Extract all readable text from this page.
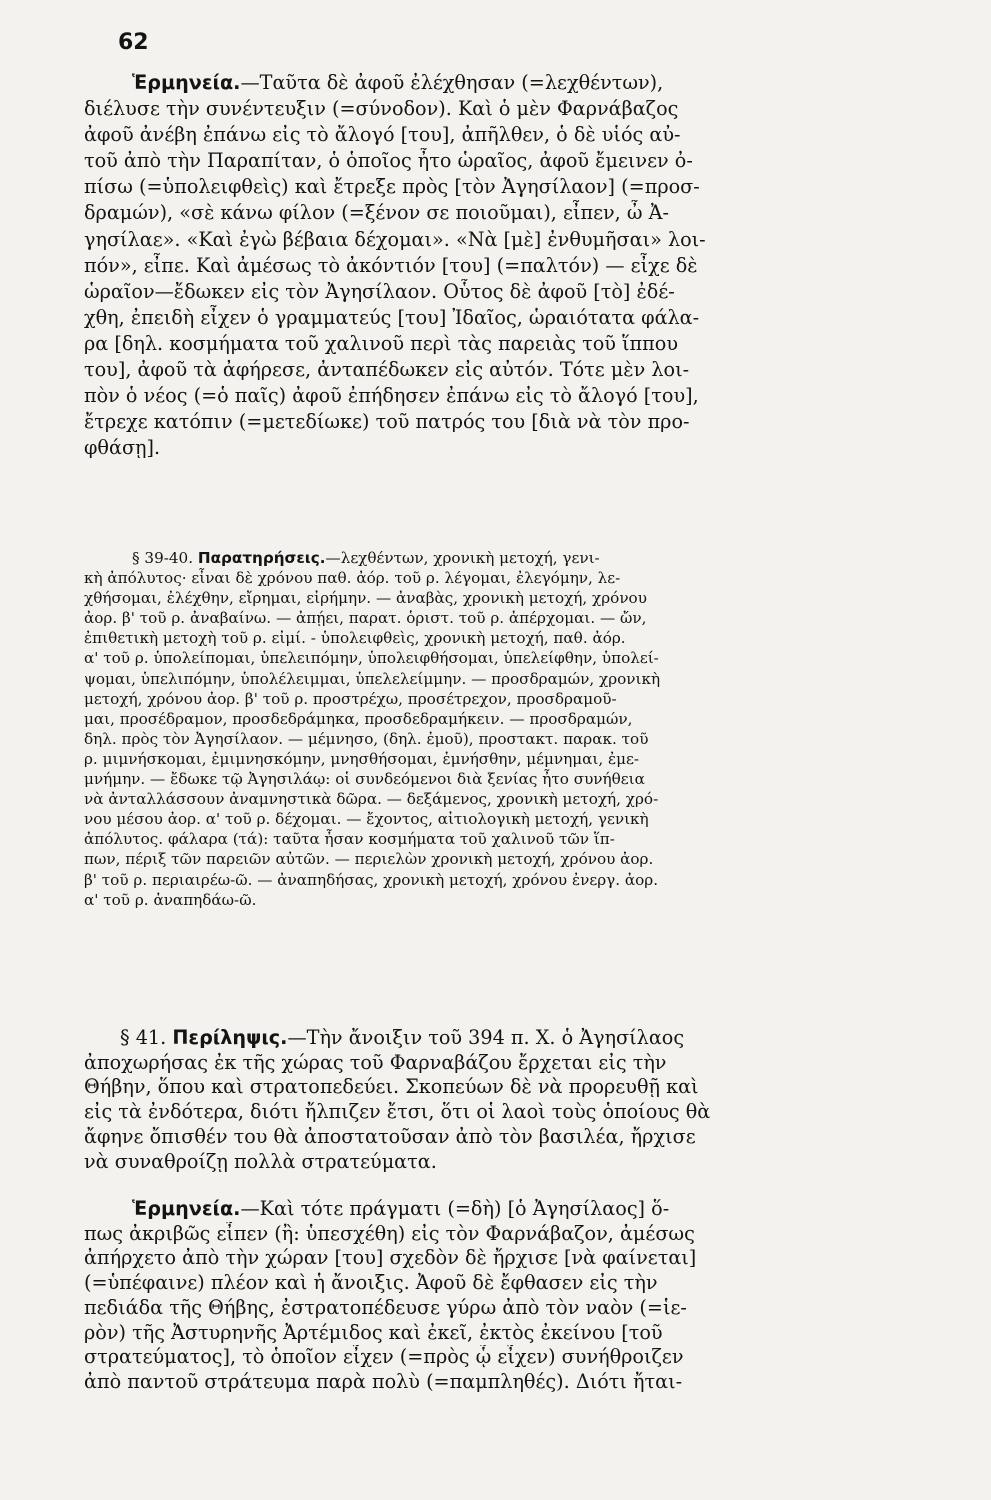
62
Ἑρμηνεία.—Ταῦτα δὲ ἀφοῦ ἐλέχθησαν (=λεχθέντων),
διέλυσε τὴν συνέντευξιν (=σύνοδον). Καὶ ὁ μὲν Φαρνάβαζος
ἀφοῦ ἀνέβη ἐπάνω εἰς τὸ ἄλογό [του], ἀπῆλθεν, ὁ δὲ υἱός αὐ-
τοῦ ἀπὸ τὴν Παραπίταν, ὁ ὁποῖος ἦτο ὡραῖος, ἀφοῦ ἔμεινεν ὀ-
πίσω (=ὑπολειφθεὶς) καὶ ἔτρεξε πρὸς [τὸν Ἀγησίλαον] (=προσ-
δραμών), «σὲ κάνω φίλον (=ξένον σε ποιοῦμαι), εἶπεν, ὦ Ἀ-
γησίλαε». «Καὶ ἐγὼ βέβαια δέχομαι». «Νὰ [μὲ] ἐνθυμῆσαι» λοι-
πόν», εἶπε. Καὶ ἀμέσως τὸ ἀκόντιόν [του] (=παλτόν) — εἶχε δὲ
ὡραῖον—ἔδωκεν εἰς τὸν Ἀγησίλαον. Οὗτος δὲ ἀφοῦ [τὸ] ἐδέ-
χθη, ἐπειδὴ εἶχεν ὁ γραμματεύς [του] Ἰδαῖος, ὡραιότατα φάλα-
ρα [δηλ. κοσμήματα τοῦ χαλινοῦ περὶ τὰς παρειὰς τοῦ ἵππου
του], ἀφοῦ τὰ ἀφήρεσε, ἀνταπέδωκεν εἰς αὐτόν. Τότε μὲν λοι-
πὸν ὁ νέος (=ὁ παῖς) ἀφοῦ ἐπήδησεν ἐπάνω εἰς τὸ ἄλογό [του],
ἔτρεχε κατόπιν (=μετεδίωκε) τοῦ πατρός του [διὰ νὰ τὸν προ-
φθάσῃ].
§ 39-40. Παρατηρήσεις.—λεχθέντων, χρονικὴ μετοχή, γενι-
κὴ ἀπόλυτος· εἶναι δὲ χρόνου παθ. ἀόρ. τοῦ ρ. λέγομαι, ἐλεγόμην, λε-
χθήσομαι, ἐλέχθην, εἴρημαι, εἰρήμην. — ἀναβὰς, χρονικὴ μετοχή, χρόνου
ἀορ. β' τοῦ ρ. ἀναβαίνω. — ἀπῄει, παρατ. ὁριστ. τοῦ ρ. ἀπέρχομαι. — ὤν,
ἐπιθετικὴ μετοχὴ τοῦ ρ. εἰμί. - ὑπολειφθεὶς, χρονικὴ μετοχή, παθ. ἀόρ.
α' τοῦ ρ. ὑπολείπομαι, ὑπελειπόμην, ὑπολειφθήσομαι, ὑπελείφθην, ὑπολεί-
ψομαι, ὑπελιπόμην, ὑπολέλειμμαι, ὑπελελείμμην. — προσδραμών, χρονικὴ
μετοχή, χρόνου ἀορ. β' τοῦ ρ. προστρέχω, προσέτρεχον, προσδραμοῦ-
μαι, προσέδραμον, προσδεδράμηκα, προσδεδραμήκειν. — προσδραμών,
δηλ. πρὸς τὸν Ἀγησίλαον. — μέμνησο, (δηλ. ἐμοῦ), προστακτ. παρακ. τοῦ
ρ. μιμνήσκομαι, ἐμιμνησκόμην, μνησθήσομαι, ἐμνήσθην, μέμνημαι, ἐμε-
μνήμην. — ἔδωκε τῷ Ἀγησιλάῳ: οἱ συνδεόμενοι διὰ ξενίας ἦτο συνήθεια
νὰ ἀνταλλάσσουν ἀναμνηστικὰ δῶρα. — δεξάμενος, χρονικὴ μετοχή, χρό-
νου μέσου ἀορ. α' τοῦ ρ. δέχομαι. — ἔχοντος, αἰτιολογικὴ μετοχή, γενικὴ
ἀπόλυτος. φάλαρα (τά): ταῦτα ἦσαν κοσμήματα τοῦ χαλινοῦ τῶν ἵπ-
πων, πέριξ τῶν παρειῶν αὐτῶν. — περιελὼν χρονικὴ μετοχή, χρόνου ἀορ.
β' τοῦ ρ. περιαιρέω-ῶ. — ἀναπηδήσας, χρονικὴ μετοχή, χρόνου ἐνεργ. ἀορ.
α' τοῦ ρ. ἀναπηδάω-ῶ.
§ 41. Περίληψις.—Τὴν ἄνοιξιν τοῦ 394 π. Χ. ὁ Ἀγησίλαος
ἀποχωρήσας ἐκ τῆς χώρας τοῦ Φαρναβάζου ἔρχεται εἰς τὴν
Θήβην, ὅπου καὶ στρατοπεδεύει. Σκοπεύων δὲ νὰ προρευθῇ καὶ
εἰς τὰ ἐνδότερα, διότι ἤλπιζεν ἔτσι, ὅτι οἱ λαοὶ τοὺς ὁποίους θὰ
ἄφηνε ὄπισθέν του θὰ ἀποστατοῦσαν ἀπὸ τὸν βασιλέα, ἤρχισε
νὰ συναθροίζῃ πολλὰ στρατεύματα.
Ἑρμηνεία.—Καὶ τότε πράγματι (=δὴ) [ὁ Ἀγησίλαος] ὅ-
πως ἀκριβῶς εἶπεν (ἢ: ὑπεσχέθη) εἰς τὸν Φαρνάβαζον, ἀμέσως
ἀπήρχετο ἀπὸ τὴν χώραν [του] σχεδὸν δὲ ἤρχισε [νὰ φαίνεται]
(=ὑπέφαινε) πλέον καὶ ἡ ἄνοιξις. Ἀφοῦ δὲ ἔφθασεν εἰς τὴν
πεδιάδα τῆς Θήβης, ἐστρατοπέδευσε γύρω ἀπὸ τὸν ναὸν (=ἱε-
ρὸν) τῆς Ἀστυρηνῆς Ἀρτέμιδος καὶ ἐκεῖ, ἐκτὸς ἐκείνου [τοῦ
στρατεύματος], τὸ ὁποῖον εἶχεν (=πρὸς ᾧ εἶχεν) συνήθροιζεν
ἀπὸ παντοῦ στράτευμα παρὰ πολὺ (=παμπληθές). Διότι ἤται-
